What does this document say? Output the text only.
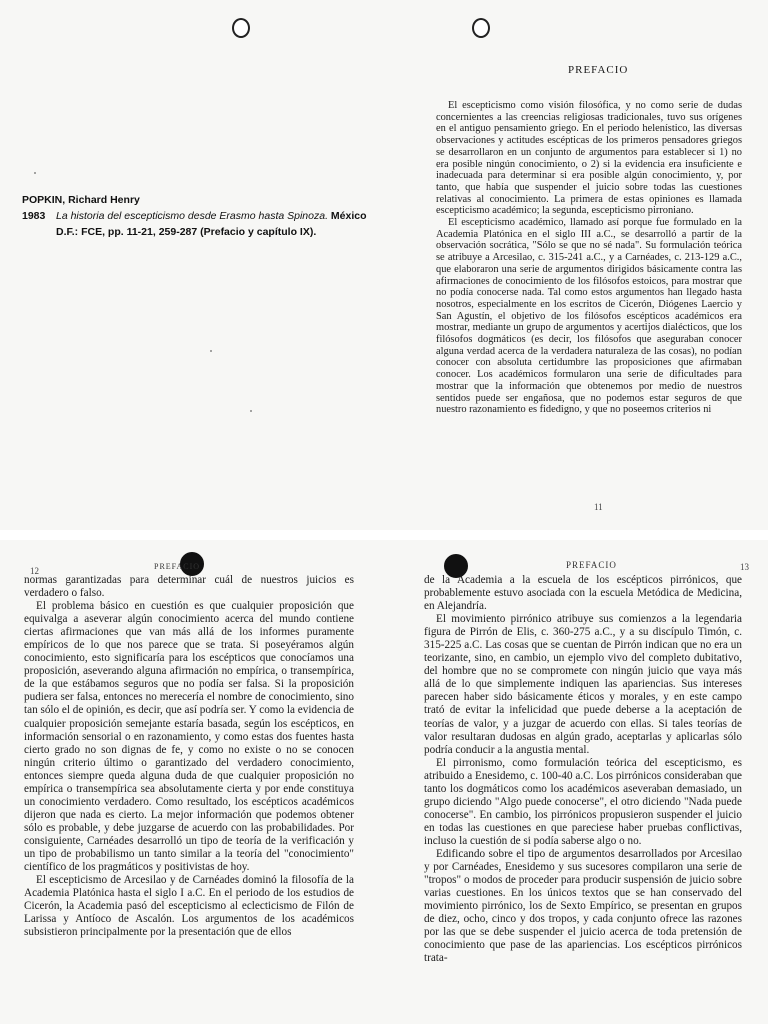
POPKIN, Richard Henry
1983	La historia del escepticismo desde Erasmo hasta Spinoza. México
D.F.: FCE, pp. 11-21, 259-287 (Prefacio y capítulo IX).
PREFACIO

El escepticismo como visión filosófica, y no como serie de dudas concernientes a las creencias religiosas tradicionales, tuvo sus orígenes en el antiguo pensamiento griego. En el periodo helenístico, las diversas observaciones y actitudes escépticas de los primeros pensadores griegos se desarrollaron en un conjunto de argumentos para establecer si 1) no era posible ningún conocimiento, o 2) si la evidencia era insuficiente e inadecuada para determinar si era posible algún conocimiento, y, por tanto, que había que suspender el juicio sobre todas las cuestiones relativas al conocimiento. La primera de estas opiniones es llamada escepticismo académico; la segunda, escepticismo pirroniano.

El escepticismo académico, llamado así porque fue formulado en la Academia Platónica en el siglo III a.C., se desarrolló a partir de la observación socrática, "Sólo se que no sé nada". Su formulación teórica se atribuye a Arcesilao, c. 315-241 a.C., y a Carnéades, c. 213-129 a.C., que elaboraron una serie de argumentos dirigidos básicamente contra las afirmaciones de conocimiento de los filósofos estoicos, para mostrar que no podía conocerse nada. Tal como estos argumentos han llegado hasta nosotros, especialmente en los escritos de Cicerón, Diógenes Laercio y San Agustín, el objetivo de los filósofos escépticos académicos era mostrar, mediante un grupo de argumentos y acertijos dialécticos, que los filósofos dogmáticos (es decir, los filósofos que aseguraban conocer alguna verdad acerca de la verdadera naturaleza de las cosas), no podían conocer con absoluta certidumbre las proposiciones que afirmaban conocer. Los académicos formularon una serie de dificultades para mostrar que la información que obtenemos por medio de nuestros sentidos puede ser engañosa, que no podemos estar seguros de que nuestro razonamiento es fidedigno, y que no poseemos criterios ni

11
12	PREFACIO

normas garantizadas para determinar cuál de nuestros juicios es verdadero o falso.

El problema básico en cuestión es que cualquier proposición que equivalga a aseverar algún conocimiento acerca del mundo contiene ciertas afirmaciones que van más allá de los informes puramente empíricos de lo que nos parece que se trata. Si poseyéramos algún conocimiento, esto significaría para los escépticos que conocíamos una proposición, aseverando alguna afirmación no empírica, o transempírica, de la que estábamos seguros que no podía ser falsa. Si la proposición pudiera ser falsa, entonces no merecería el nombre de conocimiento, sino tan sólo el de opinión, es decir, que así podría ser. Y como la evidencia de cualquier proposición semejante estaría basada, según los escépticos, en información sensorial o en razonamiento, y como estas dos fuentes hasta cierto grado no son dignas de fe, y como no existe o no se conocen ningún criterio último o garantizado del verdadero conocimiento, entonces siempre queda alguna duda de que cualquier proposición no empírica o transempírica sea absolutamente cierta y por ende constituya un conocimiento verdadero. Como resultado, los escépticos académicos dijeron que nada es cierto. La mejor información que podemos obtener sólo es probable, y debe juzgarse de acuerdo con las probabilidades. Por consiguiente, Carnéades desarrolló un tipo de teoría de la verificación y un tipo de probabilismo un tanto similar a la teoría del "conocimiento" científico de los pragmáticos y positivistas de hoy.

El escepticismo de Arcesilao y de Carnéades dominó la filosofía de la Academia Platónica hasta el siglo I a.C. En el periodo de los estudios de Cicerón, la Academia pasó del escepticismo al eclecticismo de Filón de Larissa y Antíoco de Ascalón. Los argumentos de los académicos subsistieron principalmente por la presentación que de ellos

PREFACIO	13

de la Academia a la escuela de los escépticos pirrónicos, que probablemente estuvo asociada con la escuela Metódica de Medicina, en Alejandría.

El movimiento pirrónico atribuye sus comienzos a la legendaria figura de Pirrón de Elis, c. 360-275 a.C., y a su discípulo Timón, c. 315-225 a.C. Las cosas que se cuentan de Pirrón indican que no era un teorizante, sino, en cambio, un ejemplo vivo del completo dubitativo, del hombre que no se compromete con ningún juicio que vaya más allá de lo que simplemente indiquen las apariencias. Sus intereses parecen haber sido básicamente éticos y morales, y en este campo trató de evitar la infelicidad que puede deberse a la aceptación de teorías de valor, y a juzgar de acuerdo con ellas. Si tales teorías de valor resultaran dudosas en algún grado, aceptarlas y aplicarlas sólo podría conducir a la angustia mental.

El pirronismo, como formulación teórica del escepticismo, es atribuido a Enesidemo, c. 100-40 a.C. Los pirrónicos consideraban que tanto los dogmáticos como los académicos aseveraban demasiado, un grupo diciendo "Algo puede conocerse", el otro diciendo "Nada puede conocerse". En cambio, los pirrónicos propusieron suspender el juicio en todas las cuestiones en que pareciese haber pruebas conflictivas, incluso la cuestión de si podía saberse algo o no.

Edificando sobre el tipo de argumentos desarrollados por Arcesilao y por Carnéades, Enesidemo y sus sucesores compilaron una serie de "tropos" o modos de proceder para producir suspensión de juicio sobre varias cuestiones. En los únicos textos que se han conservado del movimiento pirrónico, los de Sexto Empírico, se presentan en grupos de diez, ocho, cinco y dos tropos, y cada conjunto ofrece las razones por las que se debe suspender el juicio acerca de toda pretensión de conocimiento que pase de las apariencias. Los escépticos pirrónicos trata-
